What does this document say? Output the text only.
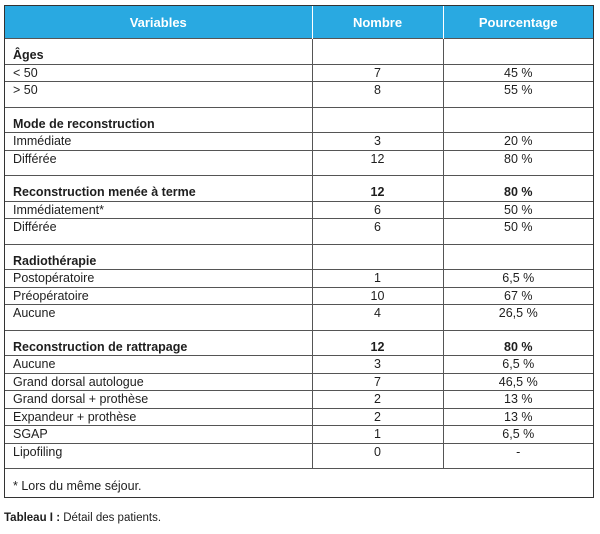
Variables	Nombre	Pourcentage
Âges		
< 50	7	45 %
> 50	8	55 %
Mode de reconstruction		
Immédiate	3	20 %
Différée	12	80 %
Reconstruction menée à terme	12	80 %
Immédiatement*	6	50 %
Différée	6	50 %
Radiothérapie		
Postopératoire	1	6,5 %
Préopératoire	10	67 %
Aucune	4	26,5 %
Reconstruction de rattrapage	12	80 %
Aucune	3	6,5 %
Grand dorsal autologue	7	46,5 %
Grand dorsal + prothèse	2	13 %
Expandeur + prothèse	2	13 %
SGAP	1	6,5 %
Lipofiling	0	-
* Lors du même séjour.		
Tableau I : Détail des patients.
